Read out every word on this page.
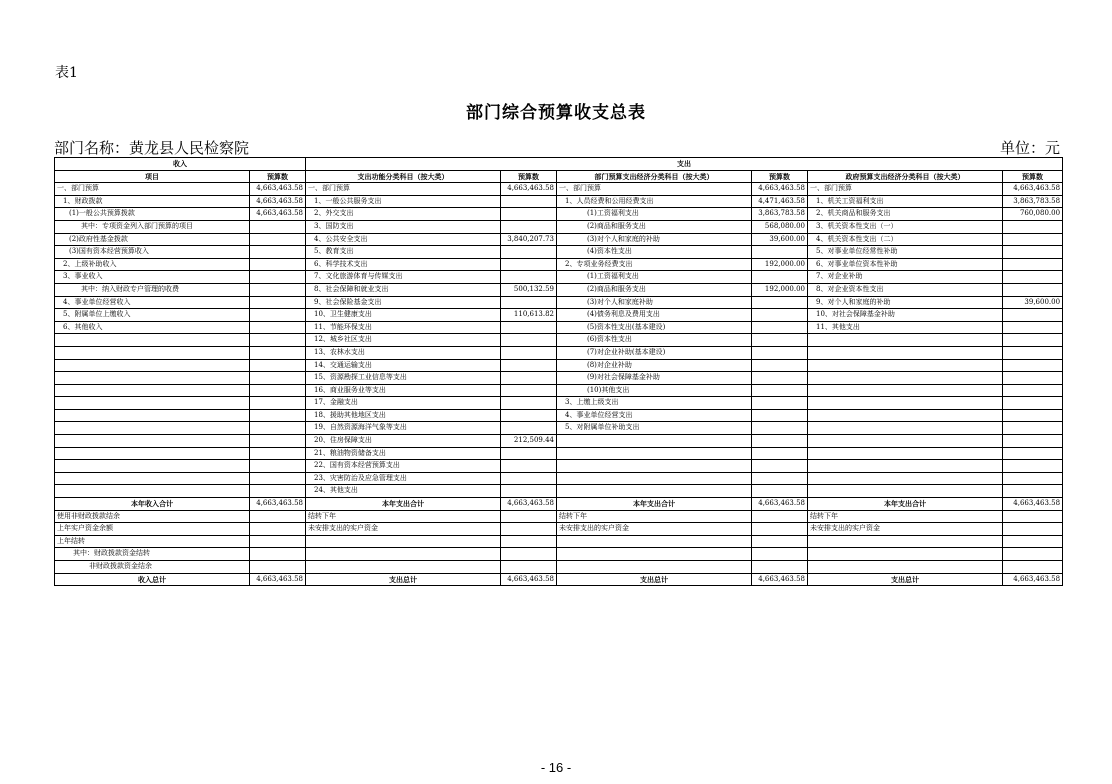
表1
部门综合预算收支总表
部门名称：黄龙县人民检察院	单位：元
收入		支出					
项目	预算数	支出功能分类科目（按大类）	预算数	部门预算支出经济分类科目（按大类）	预算数	政府预算支出经济分类科目（按大类）	预算数
一、部门预算	4,663,463.58	一、部门预算	4,663,463.58	一、部门预算	4,663,463.58	一、部门预算	4,663,463.58
1、财政拨款	4,663,463.58	1、一般公共服务支出		1、人员经费和公用经费支出	4,471,463.58	1、机关工资福利支出	3,863,783.58
(1)一般公共预算拨款	4,663,463.58	2、外交支出		(1)工资福利支出	3,863,783.58	2、机关商品和服务支出	760,080.00
其中：专项资金列入部门预算的项目		3、国防支出		(2)商品和服务支出	568,080.00	3、机关资本性支出（一）	
(2)政府性基金拨款		4、公共安全支出	3,840,207.73	(3)对个人和家庭的补助	39,600.00	4、机关资本性支出（二）	
(3)国有资本经营预算收入		5、教育支出		(4)资本性支出		5、对事业单位经常性补助	
2、上级补助收入		6、科学技术支出		2、专项业务经费支出	192,000.00	6、对事业单位资本性补助	
3、事业收入		7、文化旅游体育与传媒支出		(1)工资福利支出		7、对企业补助	
其中：纳入财政专户管理的收费		8、社会保障和就业支出	500,132.59	(2)商品和服务支出	192,000.00	8、对企业资本性支出	
4、事业单位经营收入		9、社会保险基金支出		(3)对个人和家庭补助		9、对个人和家庭的补助	39,600.00
5、附属单位上缴收入		10、卫生健康支出	110,613.82	(4)债务利息及费用支出		10、对社会保障基金补助	
6、其他收入		11、节能环保支出		(5)资本性支出(基本建设)		11、其他支出	
		12、城乡社区支出		(6)资本性支出			
		13、农林水支出		(7)对企业补助(基本建设)			
		14、交通运输支出		(8)对企业补助			
		15、资源勘探工业信息等支出		(9)对社会保障基金补助			
		16、商业服务业等支出		(10)其他支出			
		17、金融支出		3、上缴上级支出			
		18、援助其他地区支出		4、事业单位经营支出			
		19、自然资源海洋气象等支出		5、对附属单位补助支出			
		20、住房保障支出	212,509.44				
		21、粮油物资储备支出					
		22、国有资本经营预算支出					
		23、灾害防治及应急管理支出					
		24、其他支出					
本年收入合计	4,663,463.58	本年支出合计	4,663,463.58	本年支出合计	4,663,463.58	本年支出合计	4,663,463.58
使用非财政拨款结余		结转下年		结转下年		结转下年	
上年实户资金余额		未安排支出的实户资金		未安排支出的实户资金		未安排支出的实户资金	
上年结转							
其中：财政拨款资金结转							
非财政拨款资金结余							
收入总计	4,663,463.58	支出总计	4,663,463.58	支出总计	4,663,463.58	支出总计	4,663,463.58
- 16 -
